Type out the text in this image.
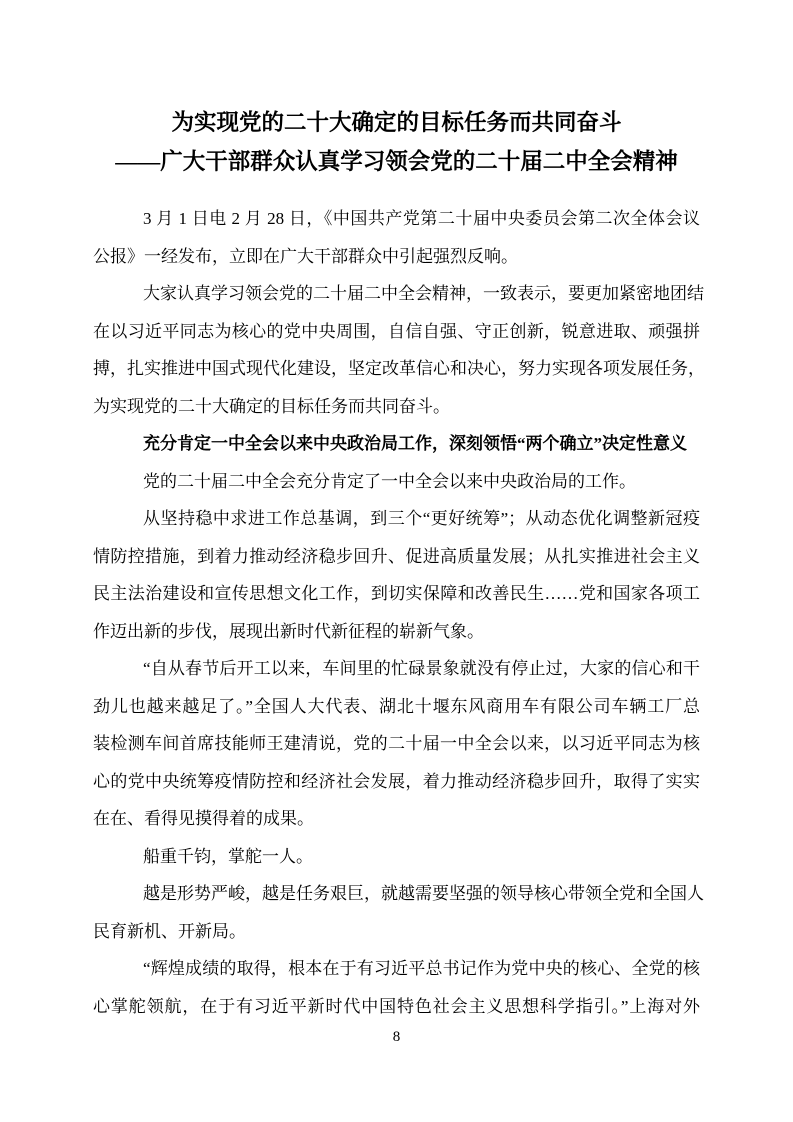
为实现党的二十大确定的目标任务而共同奋斗
——广大干部群众认真学习领会党的二十届二中全会精神

3 月 1 日电 2 月 28 日，《中国共产党第二十届中央委员会第二次全体会议
公报》一经发布，立即在广大干部群众中引起强烈反响。

大家认真学习领会党的二十届二中全会精神，一致表示，要更加紧密地团结
在以习近平同志为核心的党中央周围，自信自强、守正创新，锐意进取、顽强拼
搏，扎实推进中国式现代化建设，坚定改革信心和决心，努力实现各项发展任务，
为实现党的二十大确定的目标任务而共同奋斗。

充分肯定一中全会以来中央政治局工作，深刻领悟“两个确立”决定性意义

党的二十届二中全会充分肯定了一中全会以来中央政治局的工作。

从坚持稳中求进工作总基调，到三个“更好统筹”；从动态优化调整新冠疫
情防控措施，到着力推动经济稳步回升、促进高质量发展；从扎实推进社会主义
民主法治建设和宣传思想文化工作，到切实保障和改善民生……党和国家各项工
作迈出新的步伐，展现出新时代新征程的崭新气象。

“自从春节后开工以来，车间里的忙碌景象就没有停止过，大家的信心和干
劲儿也越来越足了。”全国人大代表、湖北十堰东风商用车有限公司车辆工厂总
装检测车间首席技能师王建清说，党的二十届一中全会以来，以习近平同志为核
心的党中央统筹疫情防控和经济社会发展，着力推动经济稳步回升，取得了实实
在在、看得见摸得着的成果。

船重千钧，掌舵一人。

越是形势严峻，越是任务艰巨，就越需要坚强的领导核心带领全党和全国人
民育新机、开新局。

“辉煌成绩的取得，根本在于有习近平总书记作为党中央的核心、全党的核
心掌舵领航，在于有习近平新时代中国特色社会主义思想科学指引。”上海对外

8
